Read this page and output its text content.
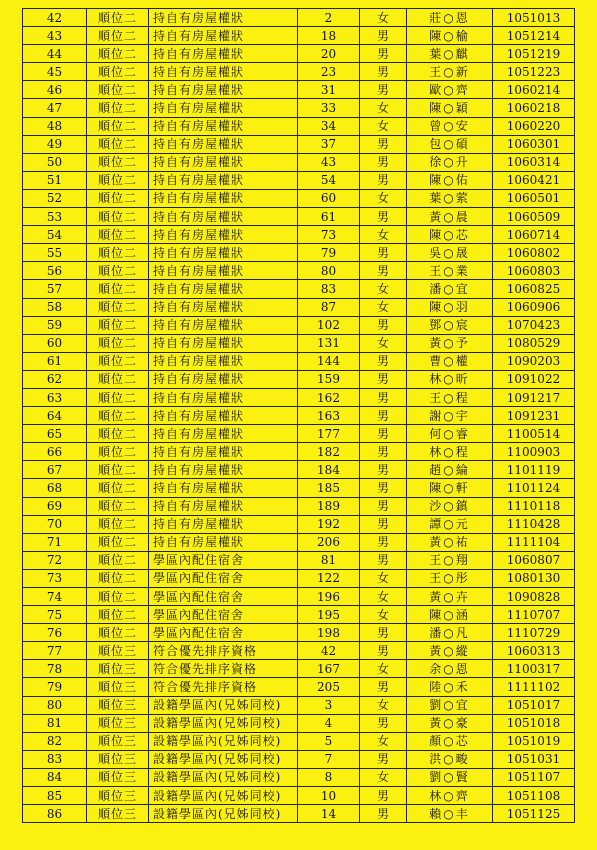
42	順位二	持自有房屋權狀	2	女	莊○恩	1051013
43	順位二	持自有房屋權狀	18	男	陳○榆	1051214
44	順位二	持自有房屋權狀	20	男	葉○麒	1051219
45	順位二	持自有房屋權狀	23	男	王○新	1051223
46	順位二	持自有房屋權狀	31	男	歐○齊	1060214
47	順位二	持自有房屋權狀	33	女	陳○穎	1060218
48	順位二	持自有房屋權狀	34	女	曾○安	1060220
49	順位二	持自有房屋權狀	37	男	包○碩	1060301
50	順位二	持自有房屋權狀	43	男	徐○升	1060314
51	順位二	持自有房屋權狀	54	男	陳○佑	1060421
52	順位二	持自有房屋權狀	60	女	葉○萦	1060501
53	順位二	持自有房屋權狀	61	男	黃○晨	1060509
54	順位二	持自有房屋權狀	73	女	陳○芯	1060714
55	順位二	持自有房屋權狀	79	男	吳○晟	1060802
56	順位二	持自有房屋權狀	80	男	王○業	1060803
57	順位二	持自有房屋權狀	83	女	潘○宜	1060825
58	順位二	持自有房屋權狀	87	女	陳○羽	1060906
59	順位二	持自有房屋權狀	102	男	鄧○宸	1070423
60	順位二	持自有房屋權狀	131	女	黃○予	1080529
61	順位二	持自有房屋權狀	144	男	曹○權	1090203
62	順位二	持自有房屋權狀	159	男	林○昕	1091022
63	順位二	持自有房屋權狀	162	男	王○程	1091217
64	順位二	持自有房屋權狀	163	男	謝○宇	1091231
65	順位二	持自有房屋權狀	177	男	何○睿	1100514
66	順位二	持自有房屋權狀	182	男	林○程	1100903
67	順位二	持自有房屋權狀	184	男	趙○綸	1101119
68	順位二	持自有房屋權狀	185	男	陳○軒	1101124
69	順位二	持自有房屋權狀	189	男	沙○鎮	1110118
70	順位二	持自有房屋權狀	192	男	譚○元	1110428
71	順位二	持自有房屋權狀	206	男	黃○祐	1111104
72	順位二	學區內配住宿舍	81	男	王○翔	1060807
73	順位二	學區內配住宿舍	122	女	王○彤	1080130
74	順位二	學區內配住宿舍	196	女	黃○卉	1090828
75	順位二	學區內配住宿舍	195	女	陳○涵	1110707
76	順位二	學區內配住宿舍	198	男	潘○凡	1110729
77	順位三	符合優先排序資格	42	男	黃○縱	1060313
78	順位三	符合優先排序資格	167	女	余○恩	1100317
79	順位三	符合優先排序資格	205	男	陸○禾	1111102
80	順位三	設籍學區內(兄姊同校)	3	女	劉○宜	1051017
81	順位三	設籍學區內(兄姊同校)	4	男	黃○豪	1051018
82	順位三	設籍學區內(兄姊同校)	5	女	顏○芯	1051019
83	順位三	設籍學區內(兄姊同校)	7	男	洪○畯	1051031
84	順位三	設籍學區內(兄姊同校)	8	女	劉○賢	1051107
85	順位三	設籍學區內(兄姊同校)	10	男	林○齊	1051108
86	順位三	設籍學區內(兄姊同校)	14	男	賴○丰	1051125
